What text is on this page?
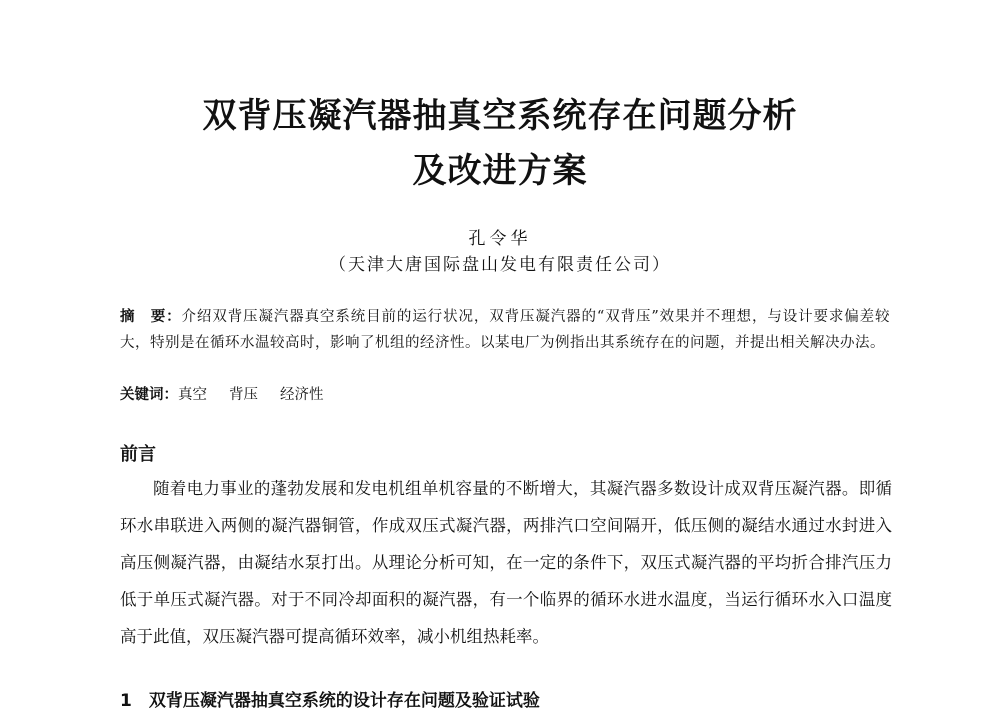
双背压凝汽器抽真空系统存在问题分析
及改进方案
孔令华
（天津大唐国际盘山发电有限责任公司）
摘　要：介绍双背压凝汽器真空系统目前的运行状况，双背压凝汽器的“双背压”效果并不理想，与设计要求偏差较大，特别是在循环水温较高时，影响了机组的经济性。以某电厂为例指出其系统存在的问题，并提出相关解决办法。
关键词：真空 背压 经济性
前言

随着电力事业的蓬勃发展和发电机组单机容量的不断增大，其凝汽器多数设计成双背压凝汽器。即循环水串联进入两侧的凝汽器铜管，作成双压式凝汽器，两排汽口空间隔开，低压侧的凝结水通过水封进入高压侧凝汽器，由凝结水泵打出。从理论分析可知，在一定的条件下，双压式凝汽器的平均折合排汽压力低于单压式凝汽器。对于不同冷却面积的凝汽器，有一个临界的循环水进水温度，当运行循环水入口温度高于此值，双压凝汽器可提高循环效率，减小机组热耗率。

1　双背压凝汽器抽真空系统的设计存在问题及验证试验
